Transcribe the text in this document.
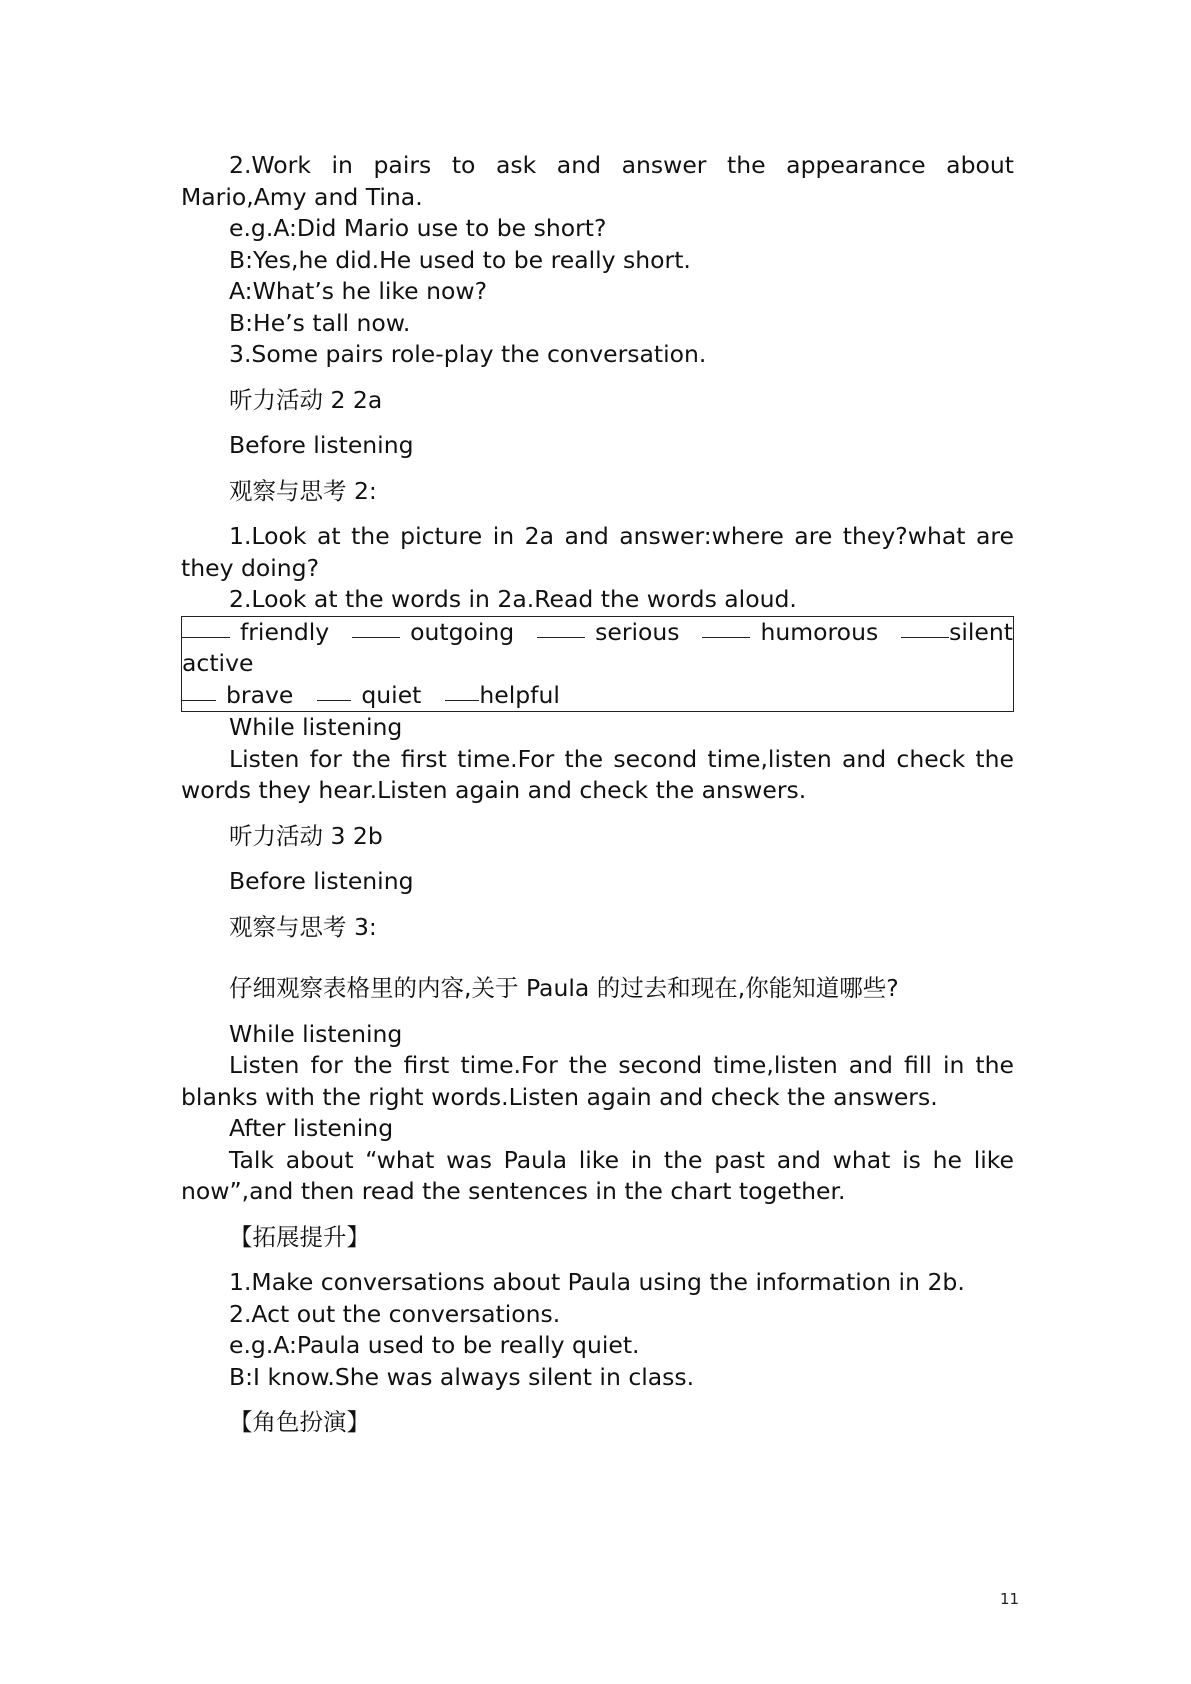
2.Work in pairs to ask and answer the appearance about Mario,Amy and Tina.

e.g.A:Did Mario use to be short?

B:Yes,he did.He used to be really short.

A:What’s he like now?

B:He’s tall now.

3.Some pairs role-play the conversation.

听力活动 2 2a

Before listening

观察与思考 2:

1.Look at the picture in 2a and answer:where are they?what are they doing?

2.Look at the words in 2a.Read the words aloud.

friendly	outgoing	serious	humorous	silent
active
brave	quiet helpful

While listening

Listen for the first time.For the second time,listen and check the words they hear.Listen again and check the answers.

听力活动 3 2b

Before listening

观察与思考 3:

仔细观察表格里的内容,关于 Paula 的过去和现在,你能知道哪些?

While listening

Listen for the first time.For the second time,listen and fill in the blanks with the right words.Listen again and check the answers.

After listening

Talk about “what was Paula like in the past and what is he like now”,and then read the sentences in the chart together.

【拓展提升】

1.Make conversations about Paula using the information in 2b.

2.Act out the conversations.

e.g.A:Paula used to be really quiet.

B:I know.She was always silent in class.

【角色扮演】

11
